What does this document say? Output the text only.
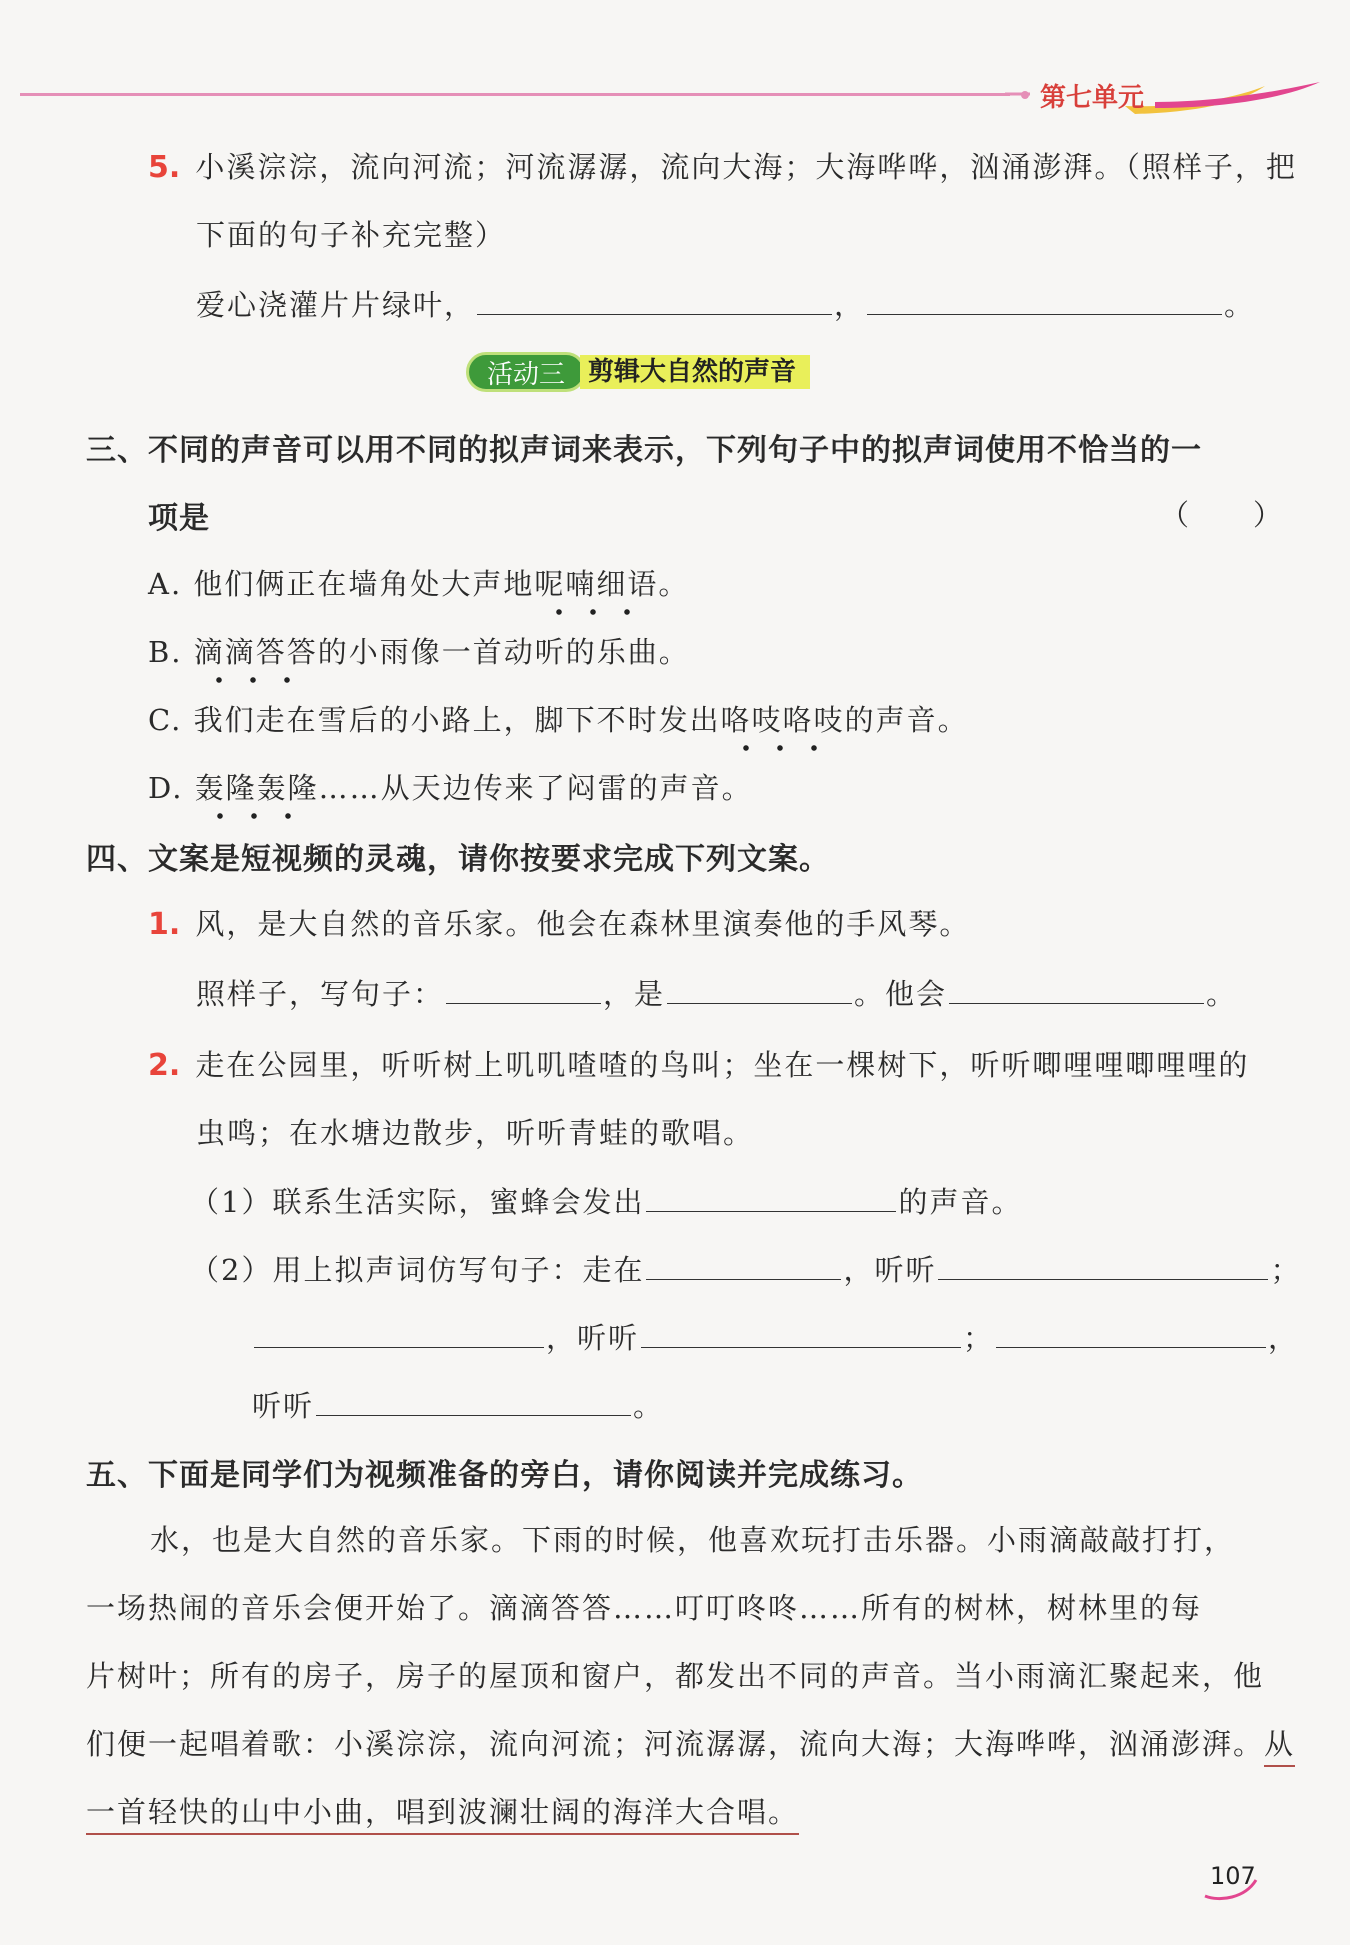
第七单元
5. 小溪淙淙，流向河流；河流潺潺，流向大海；大海哗哗，汹涌澎湃。（照样子，把
下面的句子补充完整）
爱心浇灌片片绿叶，	，	。
活动三 剪辑大自然的声音
三、不同的声音可以用不同的拟声词来表示，下列句子中的拟声词使用不恰当的一
项是	（　　）
A. 他们俩正在墙角处大声地呢喃细语。
B. 滴滴答答的小雨像一首动听的乐曲。
C. 我们走在雪后的小路上，脚下不时发出咯吱咯吱的声音。
D. 轰隆轰隆……从天边传来了闷雷的声音。
四、文案是短视频的灵魂，请你按要求完成下列文案。
1. 风，是大自然的音乐家。他会在森林里演奏他的手风琴。
照样子，写句子：	，是	。他会	。
2. 走在公园里，听听树上叽叽喳喳的鸟叫；坐在一棵树下，听听唧哩哩唧哩哩的
虫鸣；在水塘边散步，听听青蛙的歌唱。
（1）联系生活实际，蜜蜂会发出	的声音。
（2）用上拟声词仿写句子：走在	，听听	；
，听听	；	，
听听	。
五、下面是同学们为视频准备的旁白，请你阅读并完成练习。
水，也是大自然的音乐家。下雨的时候，他喜欢玩打击乐器。小雨滴敲敲打打，
一场热闹的音乐会便开始了。滴滴答答……叮叮咚咚……所有的树林，树林里的每
片树叶；所有的房子，房子的屋顶和窗户，都发出不同的声音。当小雨滴汇聚起来，他
们便一起唱着歌：小溪淙淙，流向河流；河流潺潺，流向大海；大海哗哗，汹涌澎湃。从
一首轻快的山中小曲，唱到波澜壮阔的海洋大合唱。
107
